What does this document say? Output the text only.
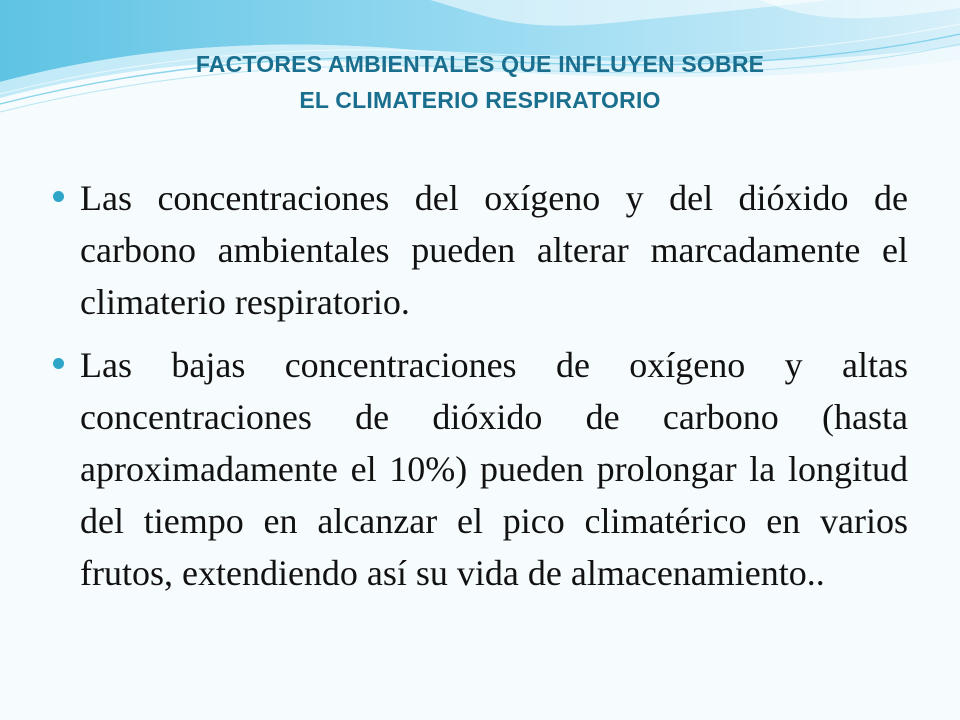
FACTORES AMBIENTALES QUE INFLUYEN SOBRE
EL CLIMATERIO RESPIRATORIO
Las concentraciones del oxígeno y del dióxido de carbono ambientales pueden alterar marcadamente el climaterio respiratorio.
Las bajas concentraciones de oxígeno y altas concentraciones de dióxido de carbono (hasta aproximadamente el 10%) pueden prolongar la longitud del tiempo en alcanzar el pico climatérico en varios frutos, extendiendo así su vida de almacenamiento..
